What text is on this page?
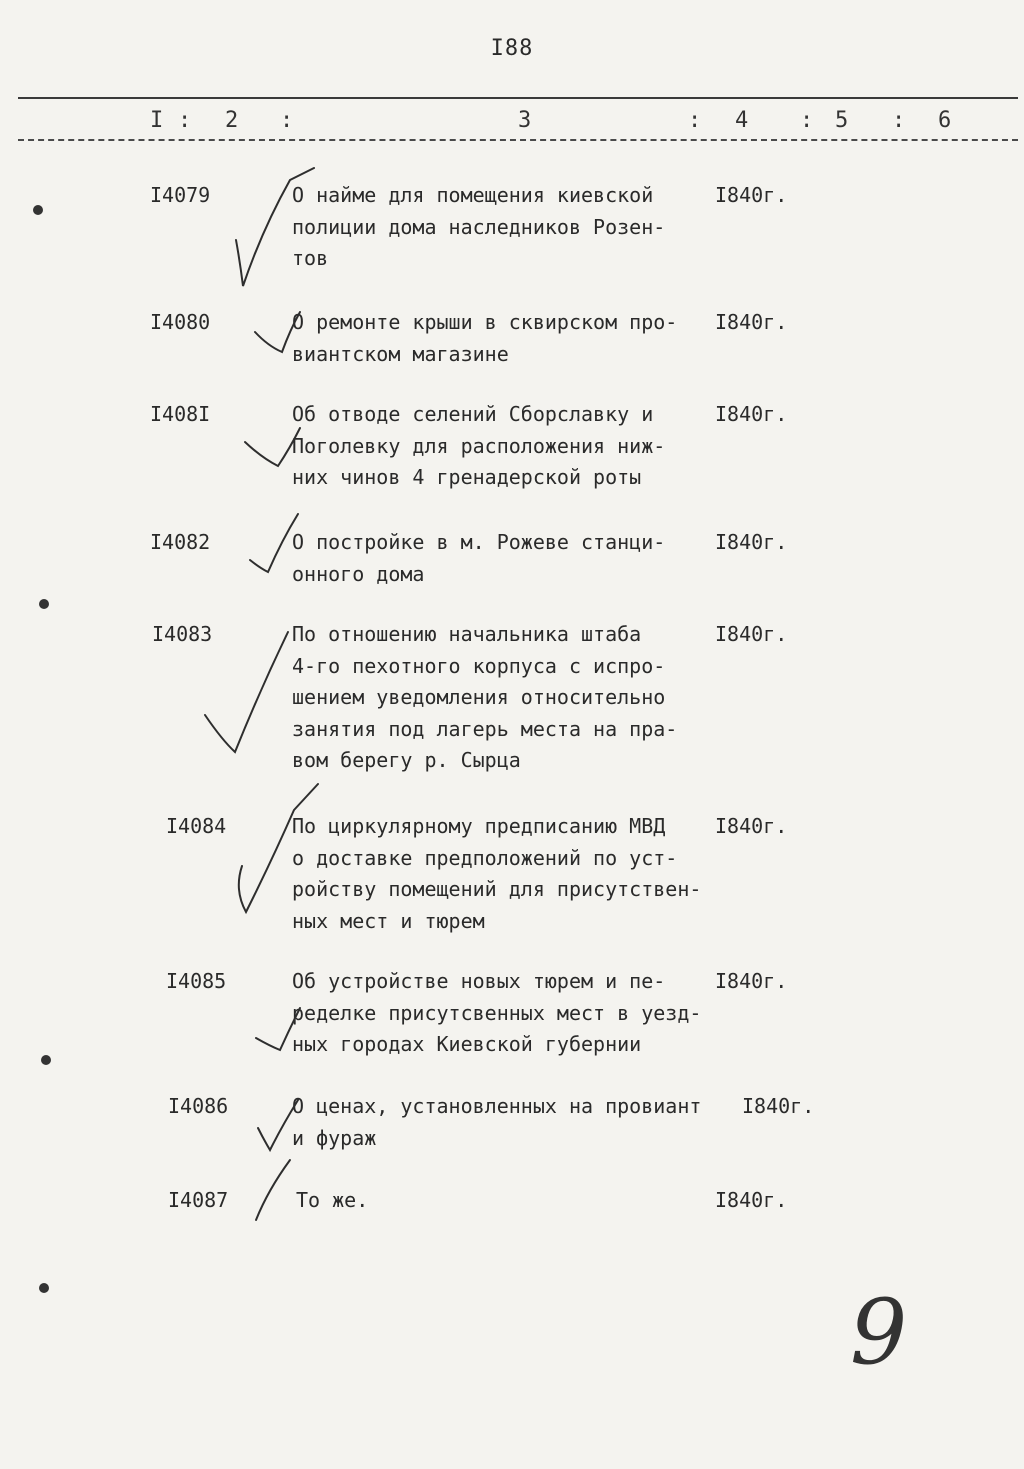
I88
I : 2 :	3	: 4 : 5 : 6
I4079	О найме для помещения киевской
полиции дома наследников Розен-
тов
I840г.
I4080	О ремонте крыши в сквирском про-
виантском магазине
I840г.
I408I	Об отводе селений Сборславку и
Поголевку для расположения ниж-
них чинов 4 гренадерской роты
I840г.
I4082	О постройке в м. Рожеве станци-
онного дома
I840г.
I4083	По отношению начальника штаба
4-го пехотного корпуса с испро-
шением уведомления относительно
занятия под лагерь места на пра-
вом берегу р. Сырца
I840г.
I4084	По циркулярному предписанию МВД
о доставке предположений по уст-
ройству помещений для присутствен-
ных мест и тюрем
I840г.
I4085	Об устройстве новых тюрем и пе-
ределке присутсвенных мест в уезд-
ных городах Киевской губернии
I840г.
I4086	О ценах, установленных на провиант
и фураж
I840г.
I4087	То же.	I840г.
9
